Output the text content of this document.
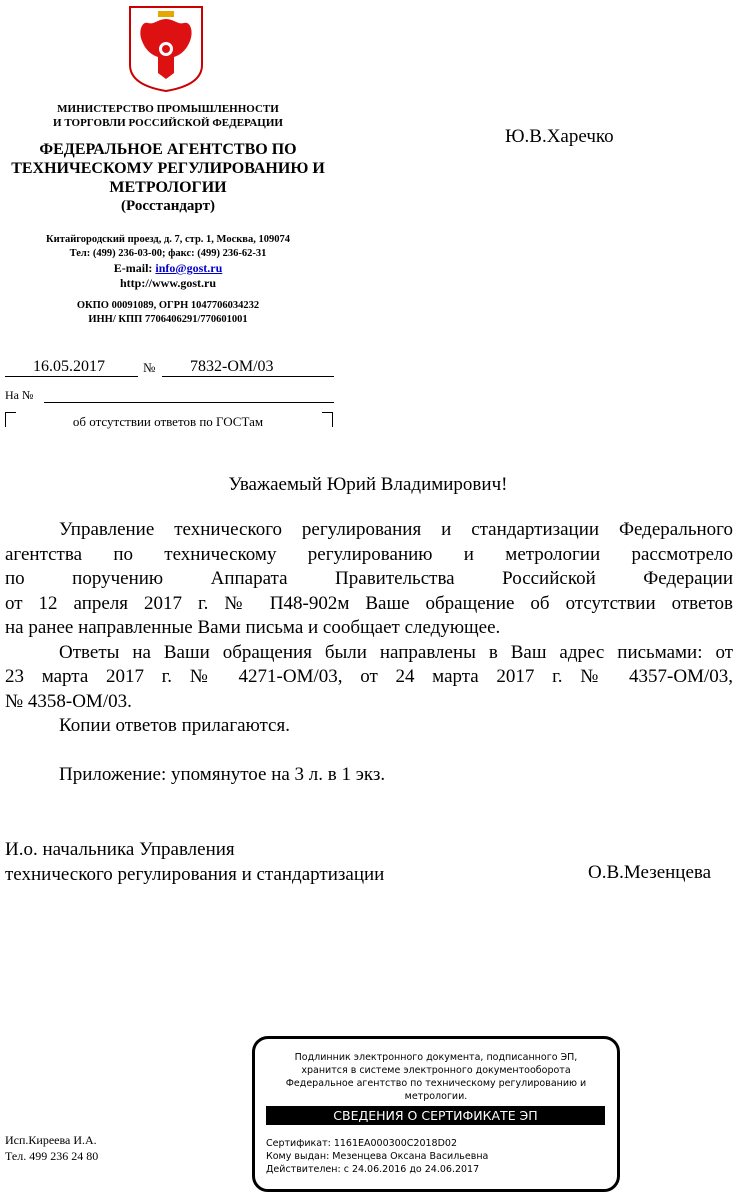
МИНИСТЕРСТВО ПРОМЫШЛЕННОСТИ
И ТОРГОВЛИ РОССИЙСКОЙ ФЕДЕРАЦИИ
ФЕДЕРАЛЬНОЕ АГЕНТСТВО ПО
ТЕХНИЧЕСКОМУ РЕГУЛИРОВАНИЮ И
МЕТРОЛОГИИ
(Росстандарт)
Китайгородский проезд, д. 7, стр. 1, Москва, 109074
Тел: (499) 236-03-00; факс: (499) 236-62-31
E-mail: info@gost.ru
http://www.gost.ru
ОКПО 00091089, ОГРН 1047706034232
ИНН/ КПП 7706406291/770601001
Ю.В.Харечко
16.05.2017	№ 7832-ОМ/03
На №
об отсутствии ответов по ГОСТам
Уважаемый Юрий Владимирович!
Управление технического регулирования и стандартизации Федерального
агентства по техническому регулированию и метрологии рассмотрело
по поручению Аппарата Правительства Российской Федерации
от 12 апреля 2017 г. № П48-902м Ваше обращение об отсутствии ответов
на ранее направленные Вами письма и сообщает следующее.
Ответы на Ваши обращения были направлены в Ваш адрес письмами: от
23 марта 2017 г. № 4271-ОМ/03, от 24 марта 2017 г. № 4357-ОМ/03,
№ 4358-ОМ/03.
Копии ответов прилагаются.
Приложение: упомянутое на 3 л. в 1 экз.
И.о. начальника Управления
технического регулирования и стандартизации	О.В.Мезенцева
Исп.Киреева И.А.
Тел. 499 236 24 80
Подлинник электронного документа, подписанного ЭП,
хранится в системе электронного документооборота
Федеральное агентство по техническому регулированию и
метрологии.
СВЕДЕНИЯ О СЕРТИФИКАТЕ ЭП
Сертификат: 1161EA000300C2018D02
Кому выдан: Мезенцева Оксана Васильевна
Действителен: с 24.06.2016 до 24.06.2017
